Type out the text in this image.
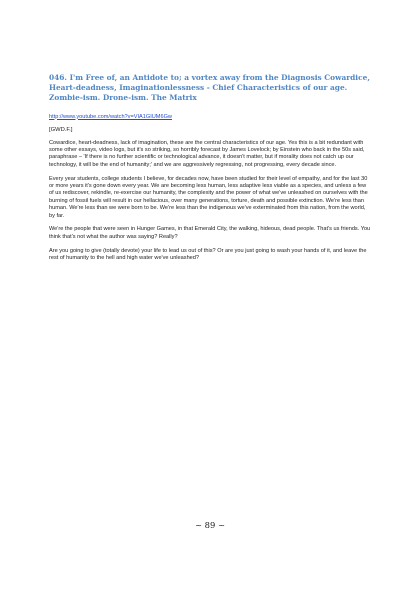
046. I'm Free of, an Antidote to; a vortex away from the Diagnosis Cowardice, Heart-deadness, Imaginationlessness - Chief Characteristics of our age. Zombie-ism. Drone-ism. The Matrix
http://www.youtube.com/watch?v=VIA1GIUM6Gw
[GWD.F.]

Cowardice, heart-deadness, lack of imagination, these are the central characteristics of our age. Yes this is a bit redundant with some other essays, video logs, but it's so striking, so horribly forecast by James Lovelock; by Einstein who back in the 50s said, paraphrase – 'If there is no further scientific or technological advance, it doesn't matter, but if morality does not catch up our technology, it will be the end of humanity;' and we are aggressively regressing, not progressing, every decade since.

Every year students, college students I believe, for decades now, have been studied for their level of empathy, and for the last 30 or more years it's gone down every year. We are becoming less human, less adaptive less viable as a species, and unless a few of us rediscover, rekindle, re-exercise our humanity, the complexity and the power of what we've unleashed on ourselves with the burning of fossil fuels will result in our hellacious, over many generations, torture, death and possible extinction. We're less than human. We're less than we were born to be. We're less than the indigenous we've exterminated from this nation, from the world, by far.

We're the people that were seen in Hunger Games, in that Emerald City, the walking, hideous, dead people. That's us friends. You think that's not what the author was saying? Really?

Are you going to give (totally devote) your life to lead us out of this? Or are you just going to wash your hands of it, and leave the rest of humanity to the hell and high water we've unleashed?

~ 89 ~
